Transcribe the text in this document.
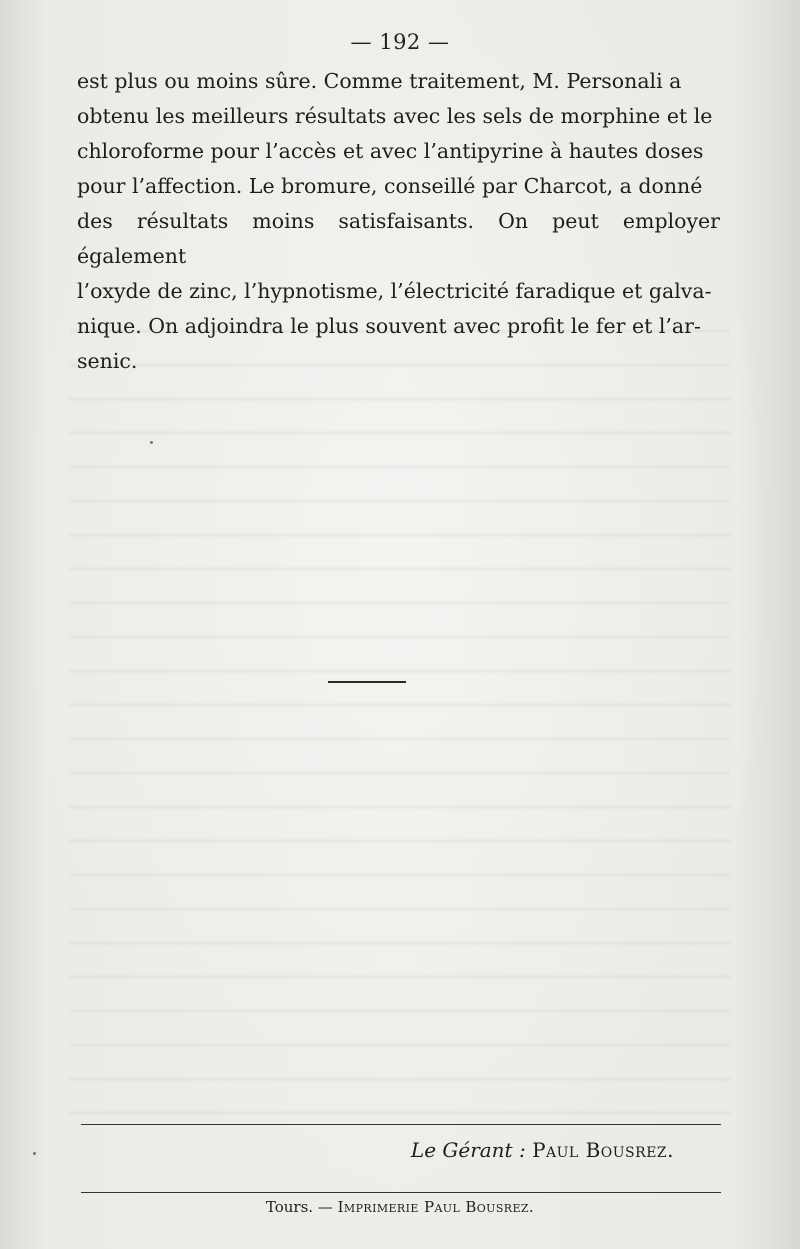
— 192 —

est plus ou moins sûre. Comme traitement, M. Personali a

obtenu les meilleurs résultats avec les sels de morphine et le

chloroforme pour l’accès et avec l’antipyrine à hautes doses

pour l’affection. Le bromure, conseillé par Charcot, a donné

des résultats moins satisfaisants. On peut employer également

l’oxyde de zinc, l’hypnotisme, l’électricité faradique et galva-

nique. On adjoindra le plus souvent avec profit le fer et l’ar-

senic.

Le Gérant : Paul Bousrez.
Tours. — Imprimerie Paul Bousrez.
